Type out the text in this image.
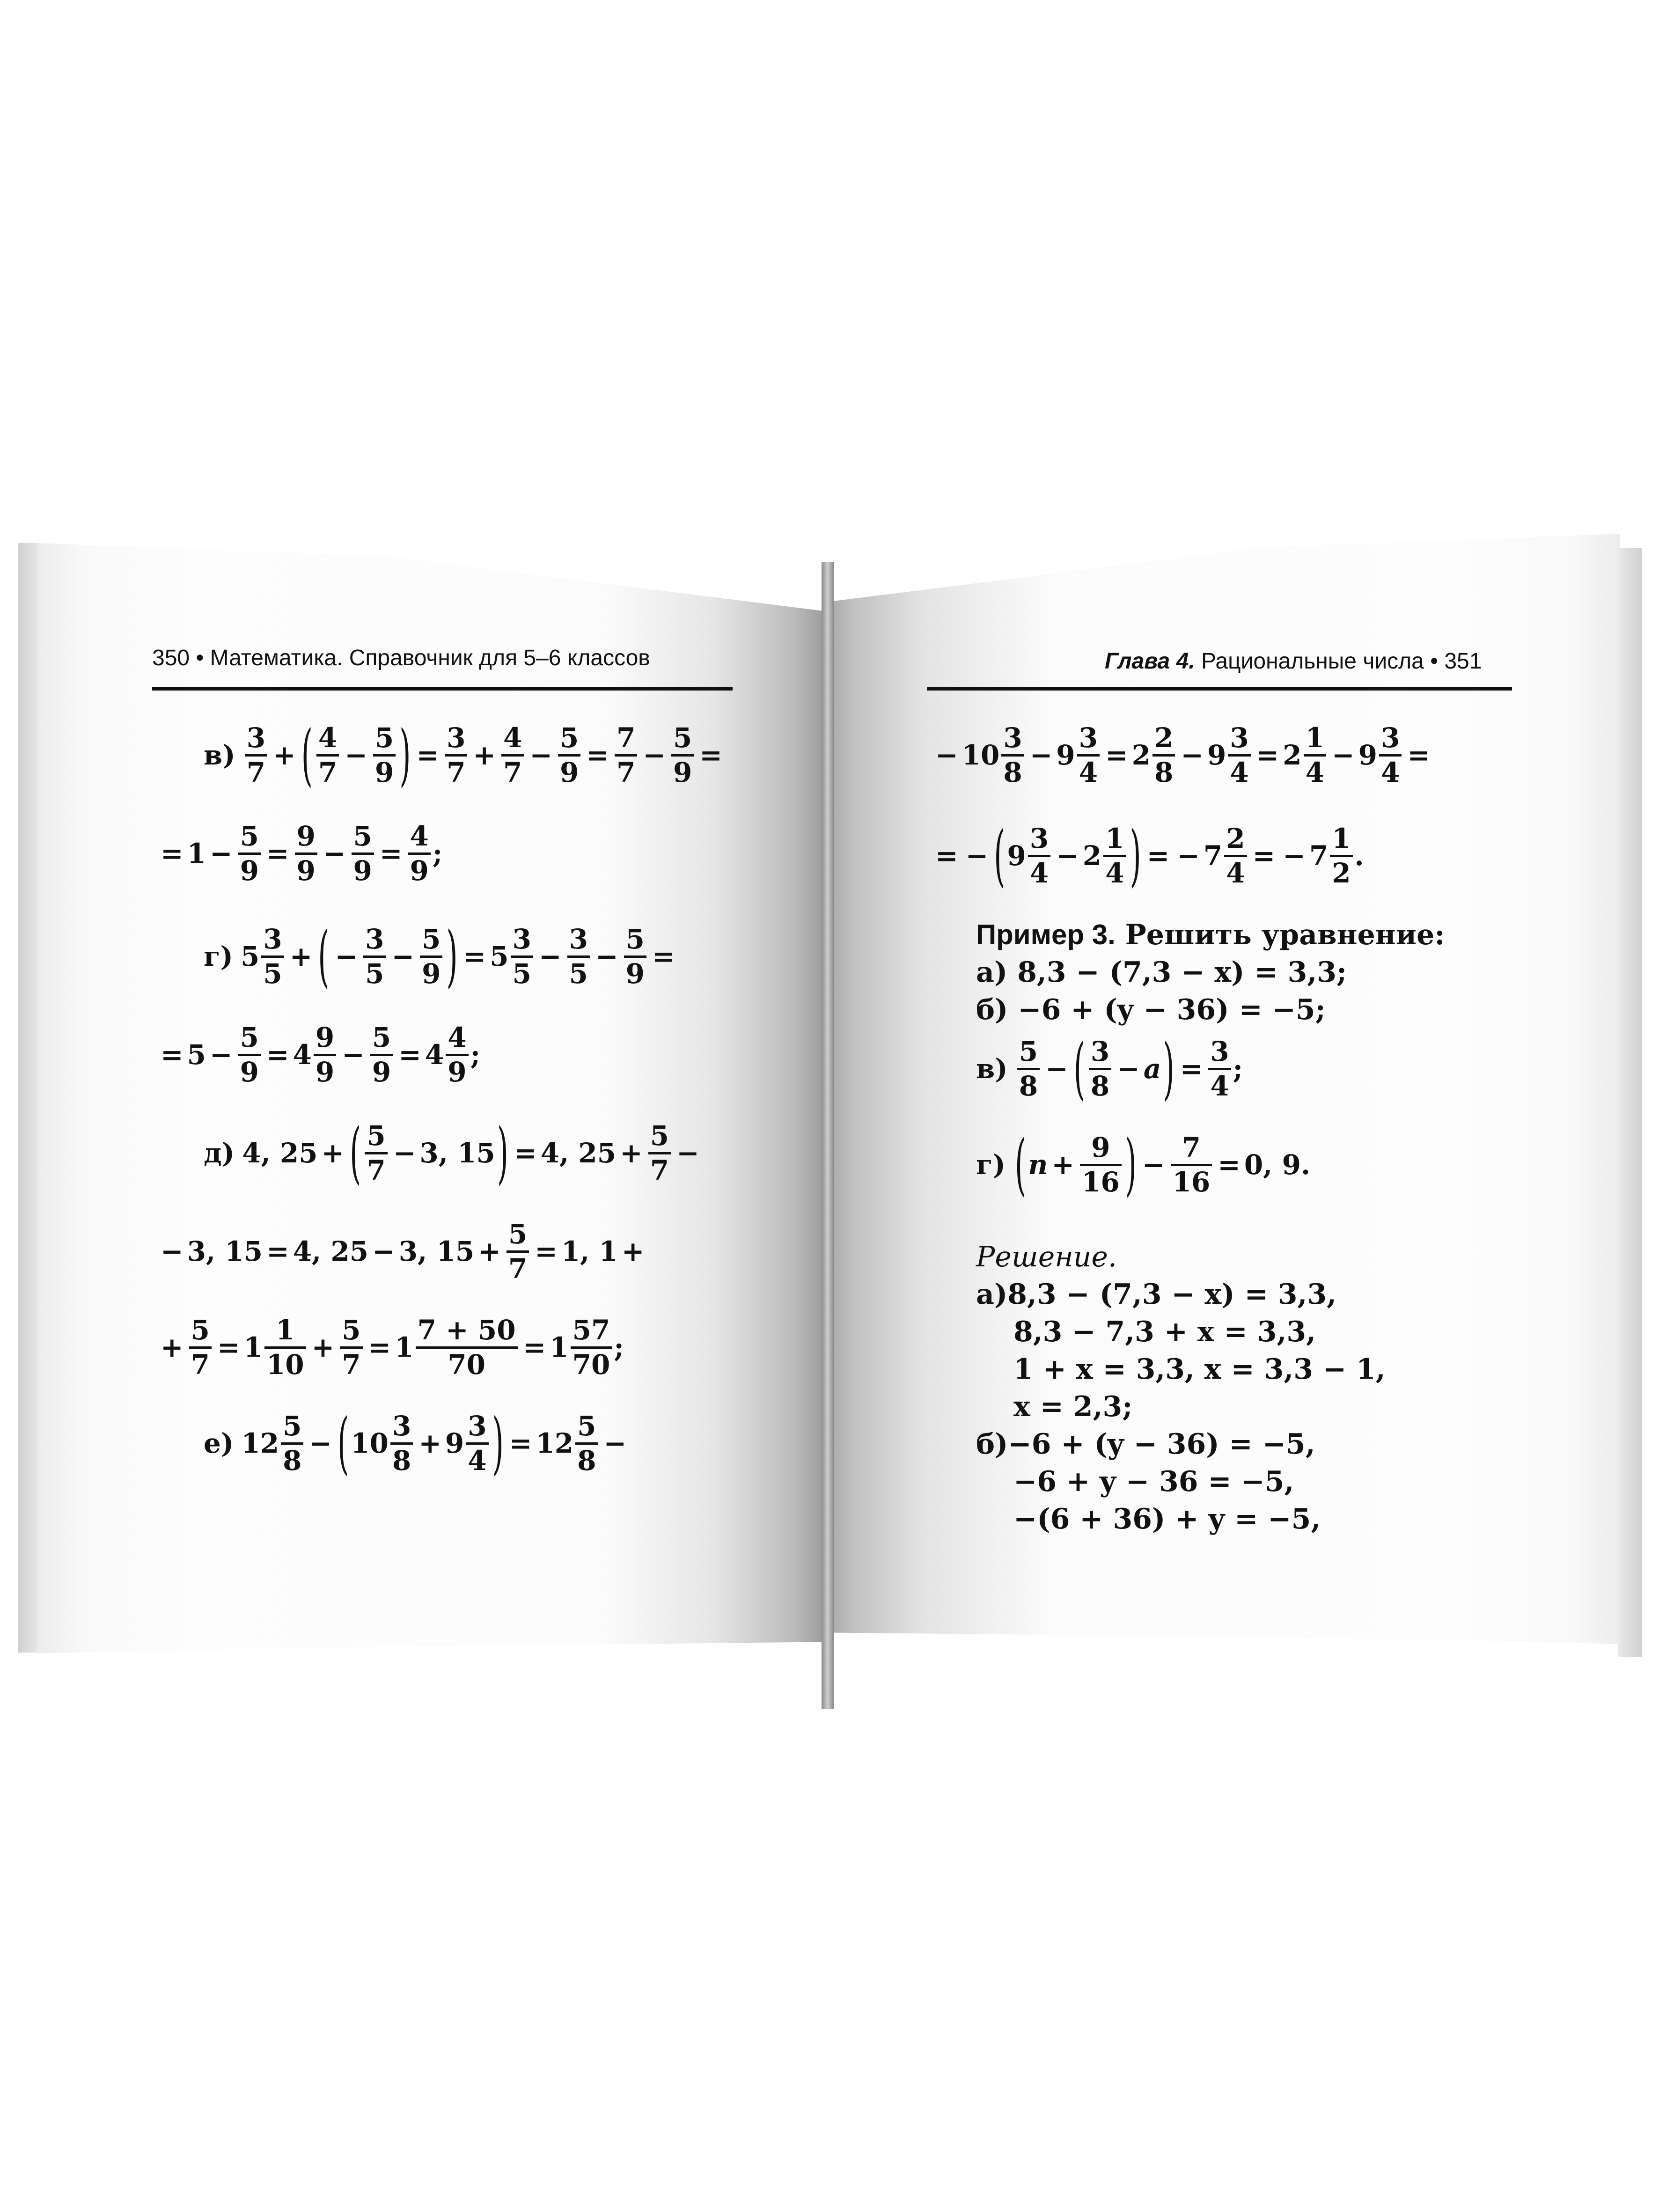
350 • Математика. Справочник для 5–6 классов	Глава 4. Рациональные числа • 351
в)
3
7
+ ( 4
7
−
5
9 ) =
3
7
+
4
7
−
5
9
=
7
7
−
5
9
=
= 1 −
5
9
=
9
9
−
5
9
=
4
9
;
г) 5
3
5
+ ( −
3
5
−
5
9 ) = 5
3
5
−
3
5
−
5
9
=
= 5 −
5
9
= 4
9
9
−
5
9
= 4
4
9
;
д) 4, 25 + ( 5
7
− 3, 15 ) = 4, 25 +
5
7
−
− 3, 15 = 4, 25 − 3, 15 +
5
7
= 1, 1 +
+
5
7
= 1
1
10
+
5
7
= 1
7 + 50
70
= 1
57
70
;
е) 12
5
8
− ( 10
3
8
+ 9
3
4 ) = 12
5
8
−
− 10
3
8
− 9
3
4
= 2
2
8
− 9
3
4
= 2
1
4
− 9
3
4
=
= − ( 9
3
4
− 2
1
4 ) = − 7
2
4
= − 7
1
2
.
Пример 3. Решить уравнение:
а) 8,3 − (7,3 − x) = 3,3;
б) −6 + (y − 36) = −5;
в)
5
8
− ( 3
8
− a ) =
3
4
;
г) ( n +
9
16 ) −
7
16
= 0, 9 .
Решение.
а)8,3 − (7,3 − x) = 3,3,
8,3 − 7,3 + x = 3,3,
1 + x = 3,3, x = 3,3 − 1,
x = 2,3;
б)−6 + (y − 36) = −5,
−6 + y − 36 = −5,
−(6 + 36) + y = −5,
